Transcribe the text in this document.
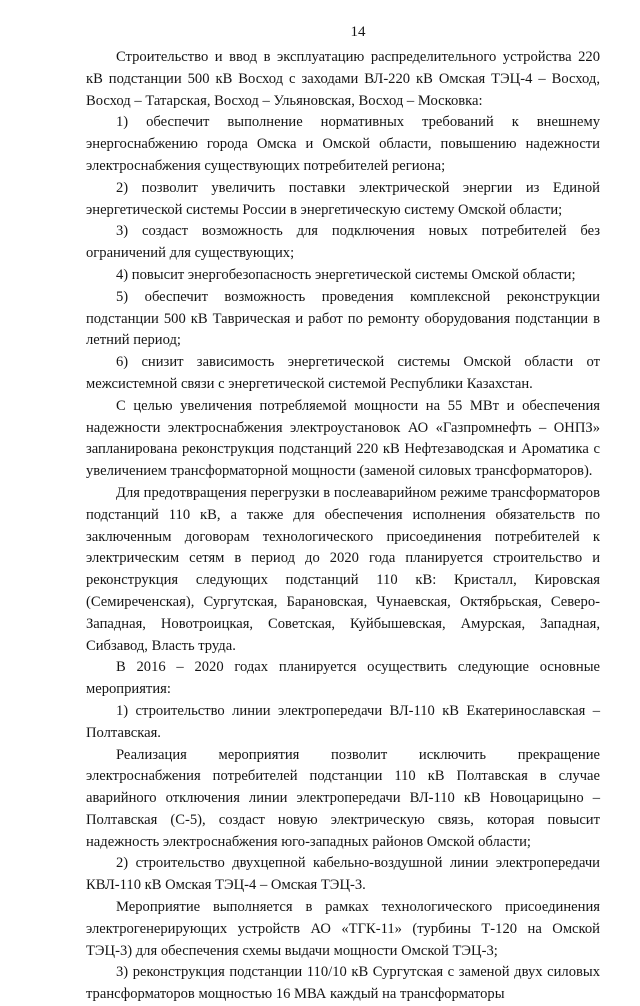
14

Строительство и ввод в эксплуатацию распределительного устройства 220 кВ подстанции 500 кВ Восход с заходами ВЛ-220 кВ Омская ТЭЦ-4 – Восход, Восход – Татарская, Восход – Ульяновская, Восход – Московка:

1) обеспечит выполнение нормативных требований к внешнему энергоснабжению города Омска и Омской области, повышению надежности электроснабжения существующих потребителей региона;

2) позволит увеличить поставки электрической энергии из Единой энергетической системы России в энергетическую систему Омской области;

3) создаст возможность для подключения новых потребителей без ограничений для существующих;

4) повысит энергобезопасность энергетической системы Омской области;

5) обеспечит возможность проведения комплексной реконструкции подстанции 500 кВ Таврическая и работ по ремонту оборудования подстанции в летний период;

6) снизит зависимость энергетической системы Омской области от межсистемной связи с энергетической системой Республики Казахстан.

С целью увеличения потребляемой мощности на 55 МВт и обеспечения надежности электроснабжения электроустановок АО «Газпромнефть – ОНПЗ» запланирована реконструкция подстанций 220 кВ Нефтезаводская и Ароматика с увеличением трансформаторной мощности (заменой силовых трансформаторов).

Для предотвращения перегрузки в послеаварийном режиме трансформаторов подстанций 110 кВ, а также для обеспечения исполнения обязательств по заключенным договорам технологического присоединения потребителей к электрическим сетям в период до 2020 года планируется строительство и реконструкция следующих подстанций 110 кВ: Кристалл, Кировская (Семиреченская), Сургутская, Барановская, Чунаевская, Октябрьская, Северо-Западная, Новотроицкая, Советская, Куйбышевская, Амурская, Западная, Сибзавод, Власть труда.

В 2016 – 2020 годах планируется осуществить следующие основные мероприятия:

1) строительство линии электропередачи ВЛ-110 кВ Екатеринославская – Полтавская.

Реализация мероприятия позволит исключить прекращение электроснабжения потребителей подстанции 110 кВ Полтавская в случае аварийного отключения линии электропередачи ВЛ-110 кВ Новоцарицыно – Полтавская (С-5), создаст новую электрическую связь, которая повысит надежность электроснабжения юго-западных районов Омской области;

2) строительство двухцепной кабельно-воздушной линии электропередачи КВЛ-110 кВ Омская ТЭЦ-4 – Омская ТЭЦ-3.

Мероприятие выполняется в рамках технологического присоединения электрогенерирующих устройств АО «ТГК-11» (турбины Т-120 на Омской ТЭЦ-3) для обеспечения схемы выдачи мощности Омской ТЭЦ-3;

3) реконструкция подстанции 110/10 кВ Сургутская с заменой двух силовых трансформаторов мощностью 16 МВА каждый на трансформаторы
